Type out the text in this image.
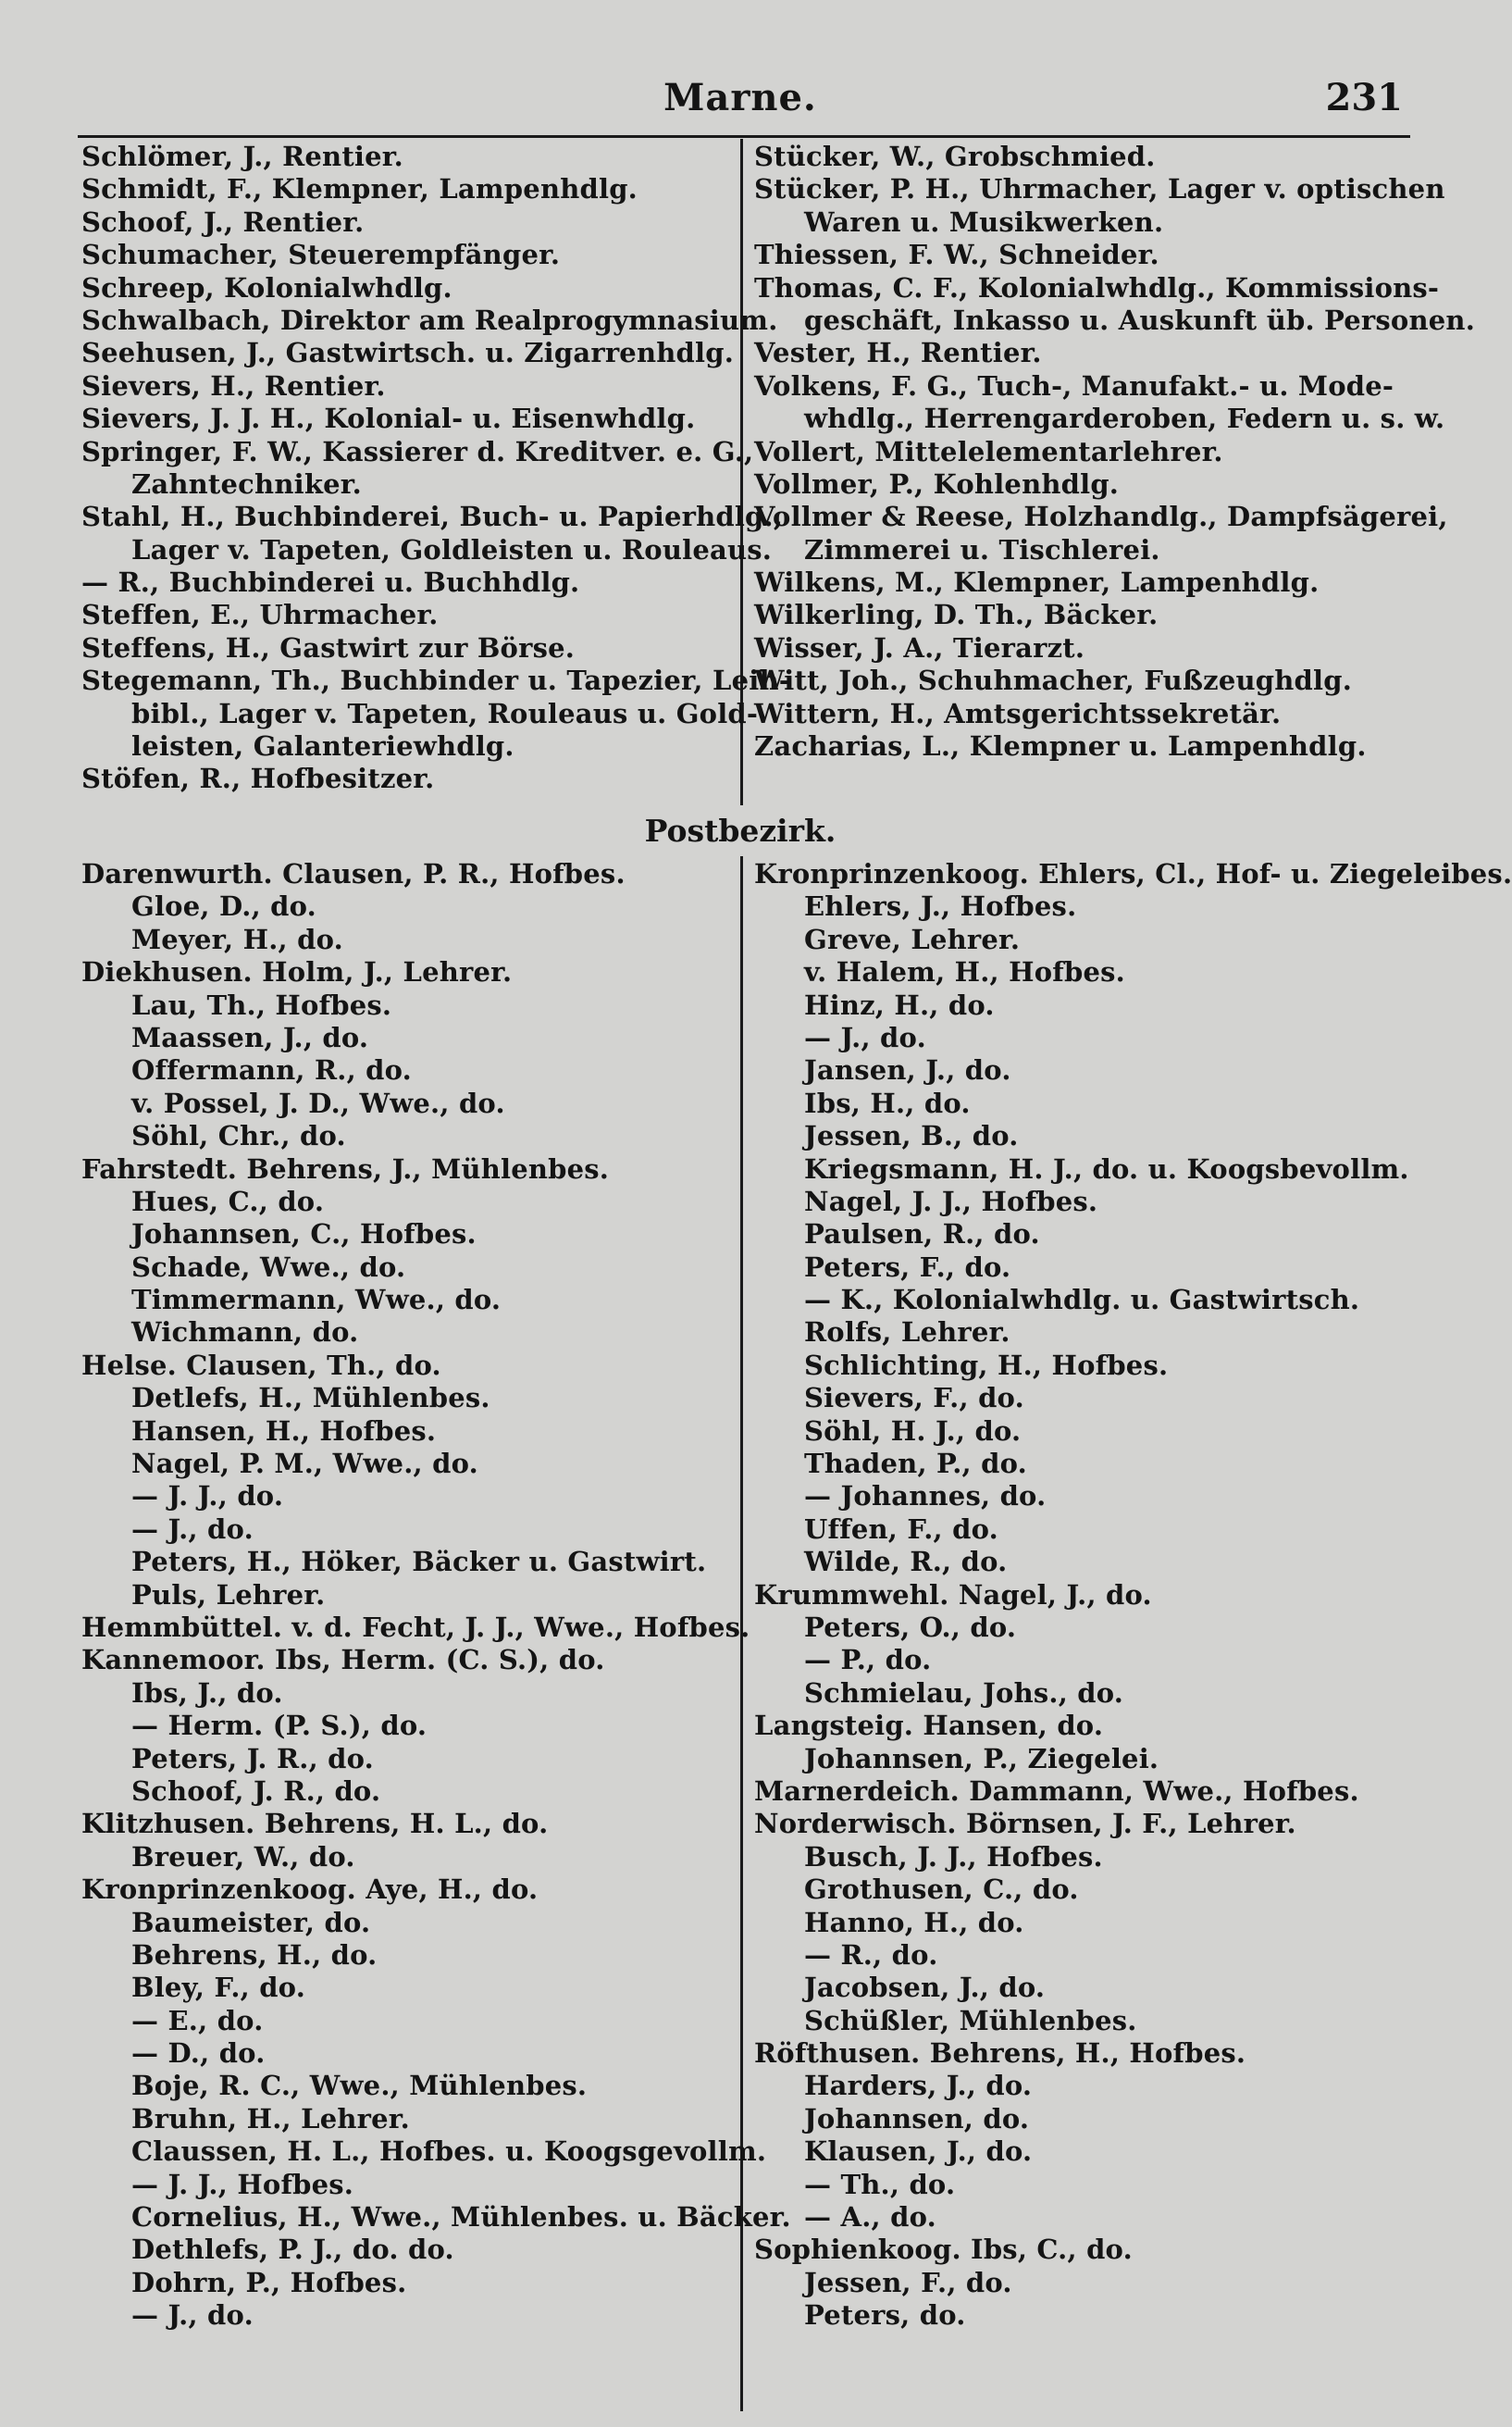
Marne.	231
Schlömer, J., Rentier.
Schmidt, F., Klempner, Lampenhdlg.
Schoof, J., Rentier.
Schumacher, Steuerempfänger.
Schreep, Kolonialwhdlg.
Schwalbach, Direktor am Realprogymnasium.
Seehusen, J., Gastwirtsch. u. Zigarrenhdlg.
Sievers, H., Rentier.
Sievers, J. J. H., Kolonial- u. Eisenwhdlg.
Springer, F. W., Kassierer d. Kreditver. e. G.,
Zahntechniker.
Stahl, H., Buchbinderei, Buch- u. Papierhdlg.,
Lager v. Tapeten, Goldleisten u. Rouleaus.
— R., Buchbinderei u. Buchhdlg.
Steffen, E., Uhrmacher.
Steffens, H., Gastwirt zur Börse.
Stegemann, Th., Buchbinder u. Tapezier, Leih-
bibl., Lager v. Tapeten, Rouleaus u. Gold-
leisten, Galanteriewhdlg.
Stöfen, R., Hofbesitzer.
Stücker, W., Grobschmied.
Stücker, P. H., Uhrmacher, Lager v. optischen
Waren u. Musikwerken.
Thiessen, F. W., Schneider.
Thomas, C. F., Kolonialwhdlg., Kommissions-
geschäft, Inkasso u. Auskunft üb. Personen.
Vester, H., Rentier.
Volkens, F. G., Tuch-, Manufakt.- u. Mode-
whdlg., Herrengarderoben, Federn u. s. w.
Vollert, Mittelelementarlehrer.
Vollmer, P., Kohlenhdlg.
Vollmer & Reese, Holzhandlg., Dampfsägerei,
Zimmerei u. Tischlerei.
Wilkens, M., Klempner, Lampenhdlg.
Wilkerling, D. Th., Bäcker.
Wisser, J. A., Tierarzt.
Witt, Joh., Schuhmacher, Fußzeughdlg.
Wittern, H., Amtsgerichtssekretär.
Zacharias, L., Klempner u. Lampenhdlg.
Postbezirk.
Darenwurth. Clausen, P. R., Hofbes.
Gloe, D., do.
Meyer, H., do.
Diekhusen. Holm, J., Lehrer.
Lau, Th., Hofbes.
Maassen, J., do.
Offermann, R., do.
v. Possel, J. D., Wwe., do.
Söhl, Chr., do.
Fahrstedt. Behrens, J., Mühlenbes.
Hues, C., do.
Johannsen, C., Hofbes.
Schade, Wwe., do.
Timmermann, Wwe., do.
Wichmann, do.
Helse. Clausen, Th., do.
Detlefs, H., Mühlenbes.
Hansen, H., Hofbes.
Nagel, P. M., Wwe., do.
— J. J., do.
— J., do.
Peters, H., Höker, Bäcker u. Gastwirt.
Puls, Lehrer.
Hemmbüttel. v. d. Fecht, J. J., Wwe., Hofbes.
Kannemoor. Ibs, Herm. (C. S.), do.
Ibs, J., do.
— Herm. (P. S.), do.
Peters, J. R., do.
Schoof, J. R., do.
Klitzhusen. Behrens, H. L., do.
Breuer, W., do.
Kronprinzenkoog. Aye, H., do.
Baumeister, do.
Behrens, H., do.
Bley, F., do.
— E., do.
— D., do.
Boje, R. C., Wwe., Mühlenbes.
Bruhn, H., Lehrer.
Claussen, H. L., Hofbes. u. Koogsgevollm.
— J. J., Hofbes.
Cornelius, H., Wwe., Mühlenbes. u. Bäcker.
Dethlefs, P. J., do. do.
Dohrn, P., Hofbes.
— J., do.
Kronprinzenkoog. Ehlers, Cl., Hof- u. Ziegeleibes.
Ehlers, J., Hofbes.
Greve, Lehrer.
v. Halem, H., Hofbes.
Hinz, H., do.
— J., do.
Jansen, J., do.
Ibs, H., do.
Jessen, B., do.
Kriegsmann, H. J., do. u. Koogsbevollm.
Nagel, J. J., Hofbes.
Paulsen, R., do.
Peters, F., do.
— K., Kolonialwhdlg. u. Gastwirtsch.
Rolfs, Lehrer.
Schlichting, H., Hofbes.
Sievers, F., do.
Söhl, H. J., do.
Thaden, P., do.
— Johannes, do.
Uffen, F., do.
Wilde, R., do.
Krummwehl. Nagel, J., do.
Peters, O., do.
— P., do.
Schmielau, Johs., do.
Langsteig. Hansen, do.
Johannsen, P., Ziegelei.
Marnerdeich. Dammann, Wwe., Hofbes.
Norderwisch. Börnsen, J. F., Lehrer.
Busch, J. J., Hofbes.
Grothusen, C., do.
Hanno, H., do.
— R., do.
Jacobsen, J., do.
Schüßler, Mühlenbes.
Röfthusen. Behrens, H., Hofbes.
Harders, J., do.
Johannsen, do.
Klausen, J., do.
— Th., do.
— A., do.
Sophienkoog. Ibs, C., do.
Jessen, F., do.
Peters, do.
